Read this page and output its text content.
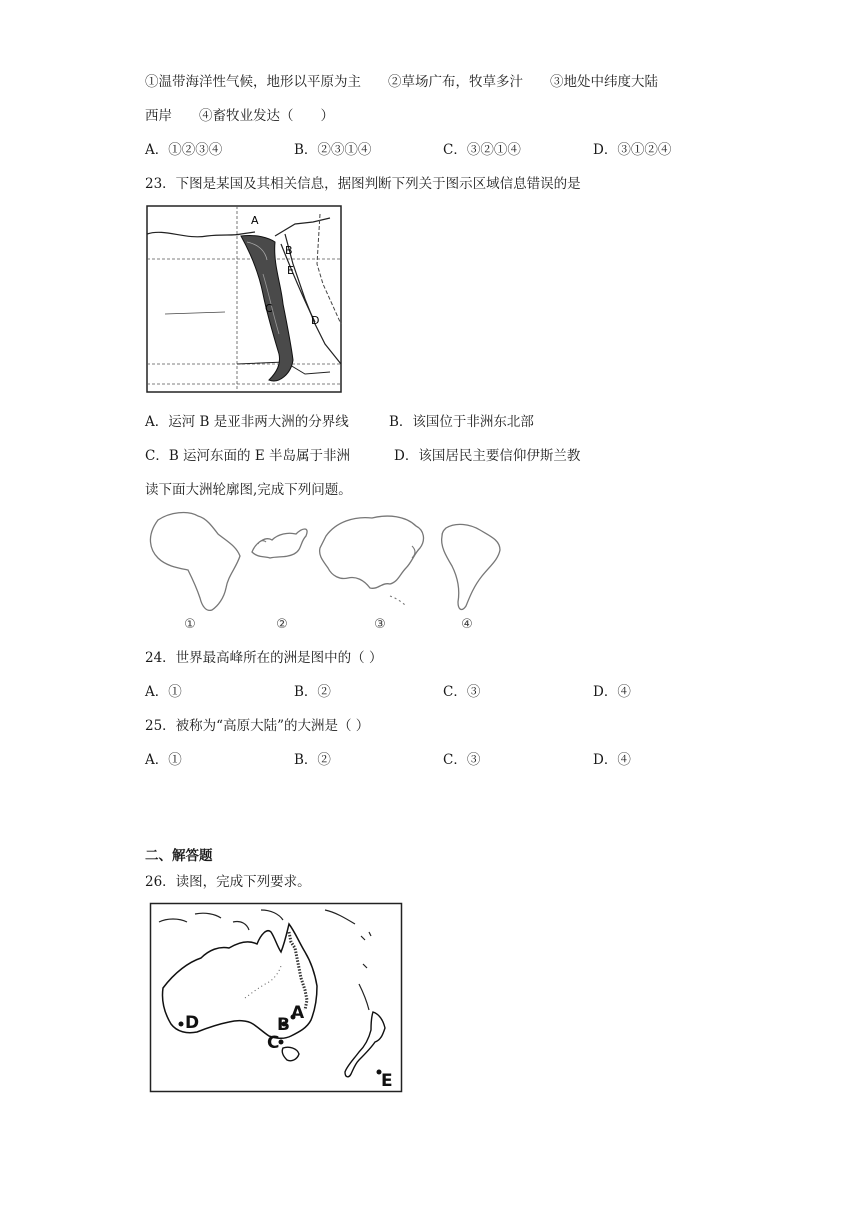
①温带海洋性气候，地形以平原为主　　②草场广布，牧草多汁　　③地处中纬度大陆
西岸　　④畜牧业发达（　　）
A．①②③④	B．②③①④	C．③②①④	D．③①②④
23．下图是某国及其相关信息，据图判断下列关于图示区域信息错误的是
A
B
E
C
D
A．运河 B 是亚非两大洲的分界线	B．该国位于非洲东北部
C．B 运河东面的 E 半岛属于非洲	D．该国居民主要信仰伊斯兰教
读下面大洲轮廓图,完成下列问题。
①	②	③	④
24．世界最高峰所在的洲是图中的（ ）
A．①	B．②	C．③	D．④
25．被称为“高原大陆”的大洲是（ ）
A．①	B．②	C．③	D．④
二、解答题
26．读图，完成下列要求。
D	B
A
C
E
